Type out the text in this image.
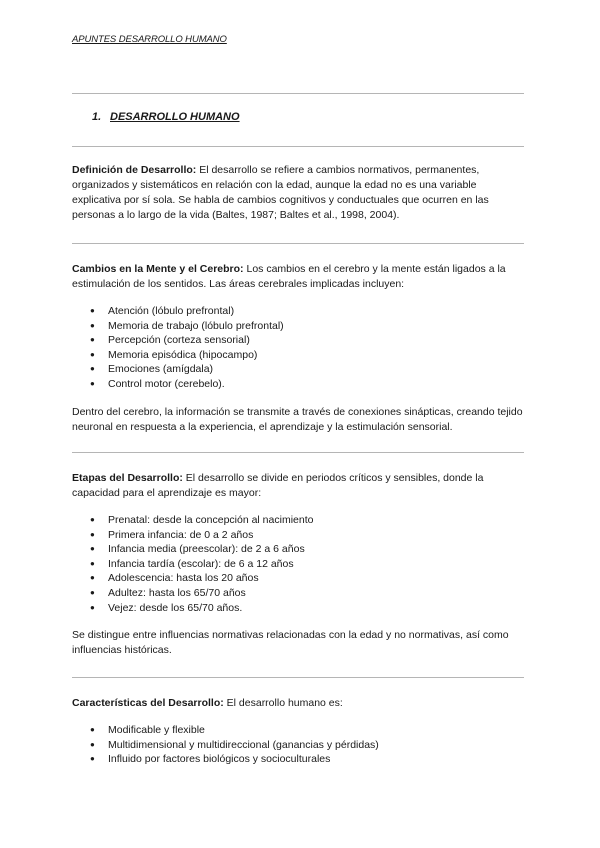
APUNTES DESARROLLO HUMANO
1. DESARROLLO HUMANO

Definición de Desarrollo: El desarrollo se refiere a cambios normativos, permanentes, organizados y sistemáticos en relación con la edad, aunque la edad no es una variable explicativa por sí sola. Se habla de cambios cognitivos y conductuales que ocurren en las personas a lo largo de la vida (Baltes, 1987; Baltes et al., 1998, 2004).

Cambios en la Mente y el Cerebro: Los cambios en el cerebro y la mente están ligados a la estimulación de los sentidos. Las áreas cerebrales implicadas incluyen:

● Atención (lóbulo prefrontal)
● Memoria de trabajo (lóbulo prefrontal)
● Percepción (corteza sensorial)
● Memoria episódica (hipocampo)
● Emociones (amígdala)
● Control motor (cerebelo).

Dentro del cerebro, la información se transmite a través de conexiones sinápticas, creando tejido neuronal en respuesta a la experiencia, el aprendizaje y la estimulación sensorial.

Etapas del Desarrollo: El desarrollo se divide en periodos críticos y sensibles, donde la capacidad para el aprendizaje es mayor:

● Prenatal: desde la concepción al nacimiento
● Primera infancia: de 0 a 2 años
● Infancia media (preescolar): de 2 a 6 años
● Infancia tardía (escolar): de 6 a 12 años
● Adolescencia: hasta los 20 años
● Adultez: hasta los 65/70 años
● Vejez: desde los 65/70 años.

Se distingue entre influencias normativas relacionadas con la edad y no normativas, así como influencias históricas.

Características del Desarrollo: El desarrollo humano es:

● Modificable y flexible
● Multidimensional y multidireccional (ganancias y pérdidas)
● Influido por factores biológicos y socioculturales
